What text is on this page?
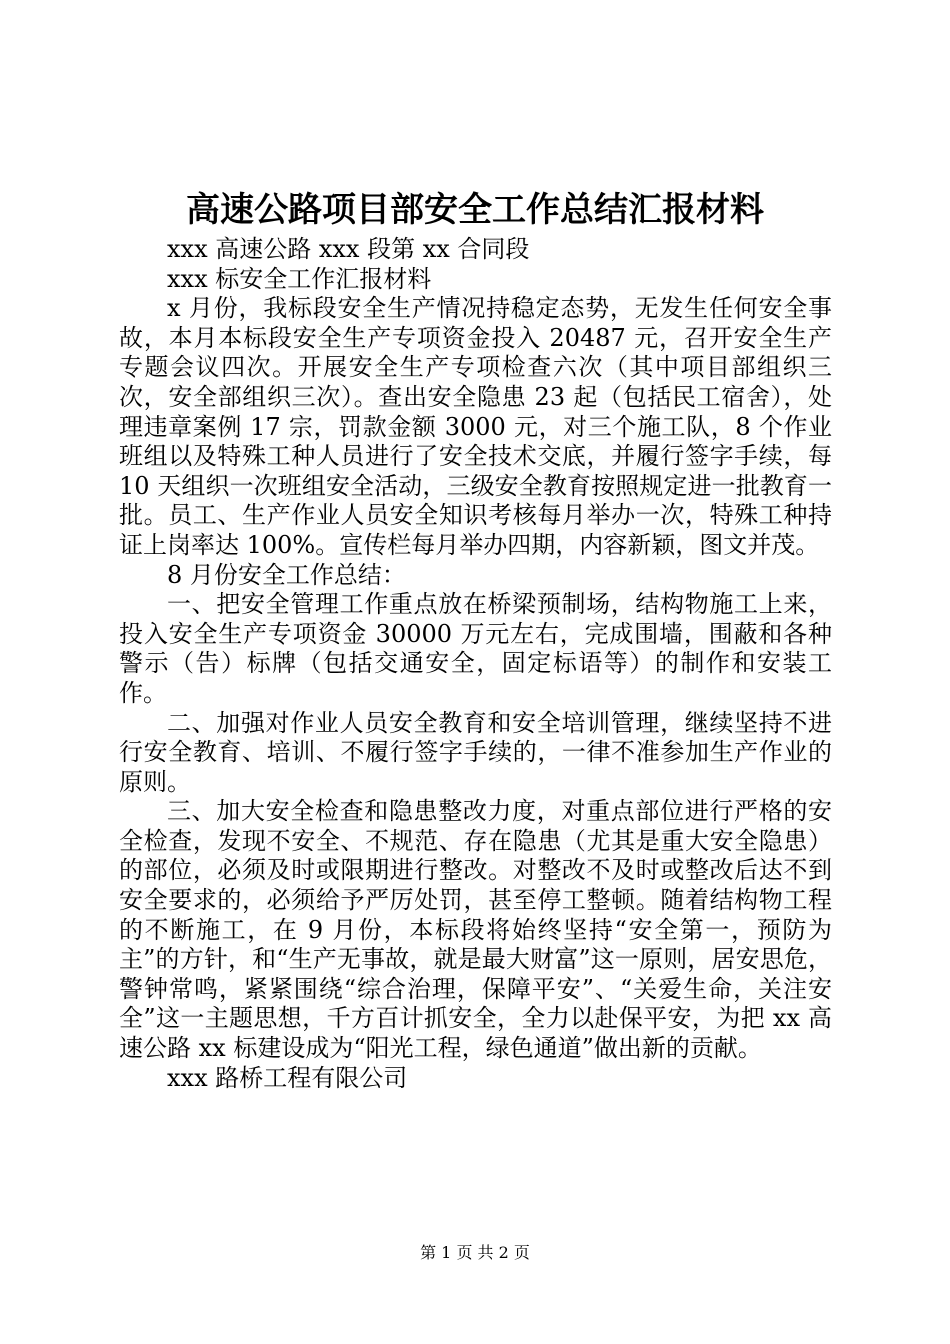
高速公路项目部安全工作总结汇报材料

xxx 高速公路 xxx 段第 xx 合同段

xxx 标安全工作汇报材料

x 月份，我标段安全生产情况持稳定态势，无发生任何安全事故，本月本标段安全生产专项资金投入 20487 元，召开安全生产专题会议四次。开展安全生产专项检查六次（其中项目部组织三次，安全部组织三次）。查出安全隐患 23 起（包括民工宿舍），处理违章案例 17 宗，罚款金额 3000 元，对三个施工队，8 个作业班组以及特殊工种人员进行了安全技术交底，并履行签字手续，每 10 天组织一次班组安全活动，三级安全教育按照规定进一批教育一批。员工、生产作业人员安全知识考核每月举办一次，特殊工种持证上岗率达 100%。宣传栏每月举办四期，内容新颖，图文并茂。

8 月份安全工作总结：

一、把安全管理工作重点放在桥梁预制场，结构物施工上来，投入安全生产专项资金 30000 万元左右，完成围墙，围蔽和各种警示（告）标牌（包括交通安全，固定标语等）的制作和安装工作。

二、加强对作业人员安全教育和安全培训管理，继续坚持不进行安全教育、培训、不履行签字手续的，一律不准参加生产作业的原则。

三、加大安全检查和隐患整改力度，对重点部位进行严格的安全检查，发现不安全、不规范、存在隐患（尤其是重大安全隐患）的部位，必须及时或限期进行整改。对整改不及时或整改后达不到安全要求的，必须给予严厉处罚，甚至停工整顿。随着结构物工程的不断施工，在 9 月份，本标段将始终坚持“安全第一，预防为主”的方针，和“生产无事故，就是最大财富”这一原则，居安思危，警钟常鸣，紧紧围绕“综合治理，保障平安”、“关爱生命，关注安全”这一主题思想，千方百计抓安全，全力以赴保平安，为把 xx 高速公路 xx 标建设成为“阳光工程，绿色通道”做出新的贡献。

xxx 路桥工程有限公司

第 1 页 共 2 页
